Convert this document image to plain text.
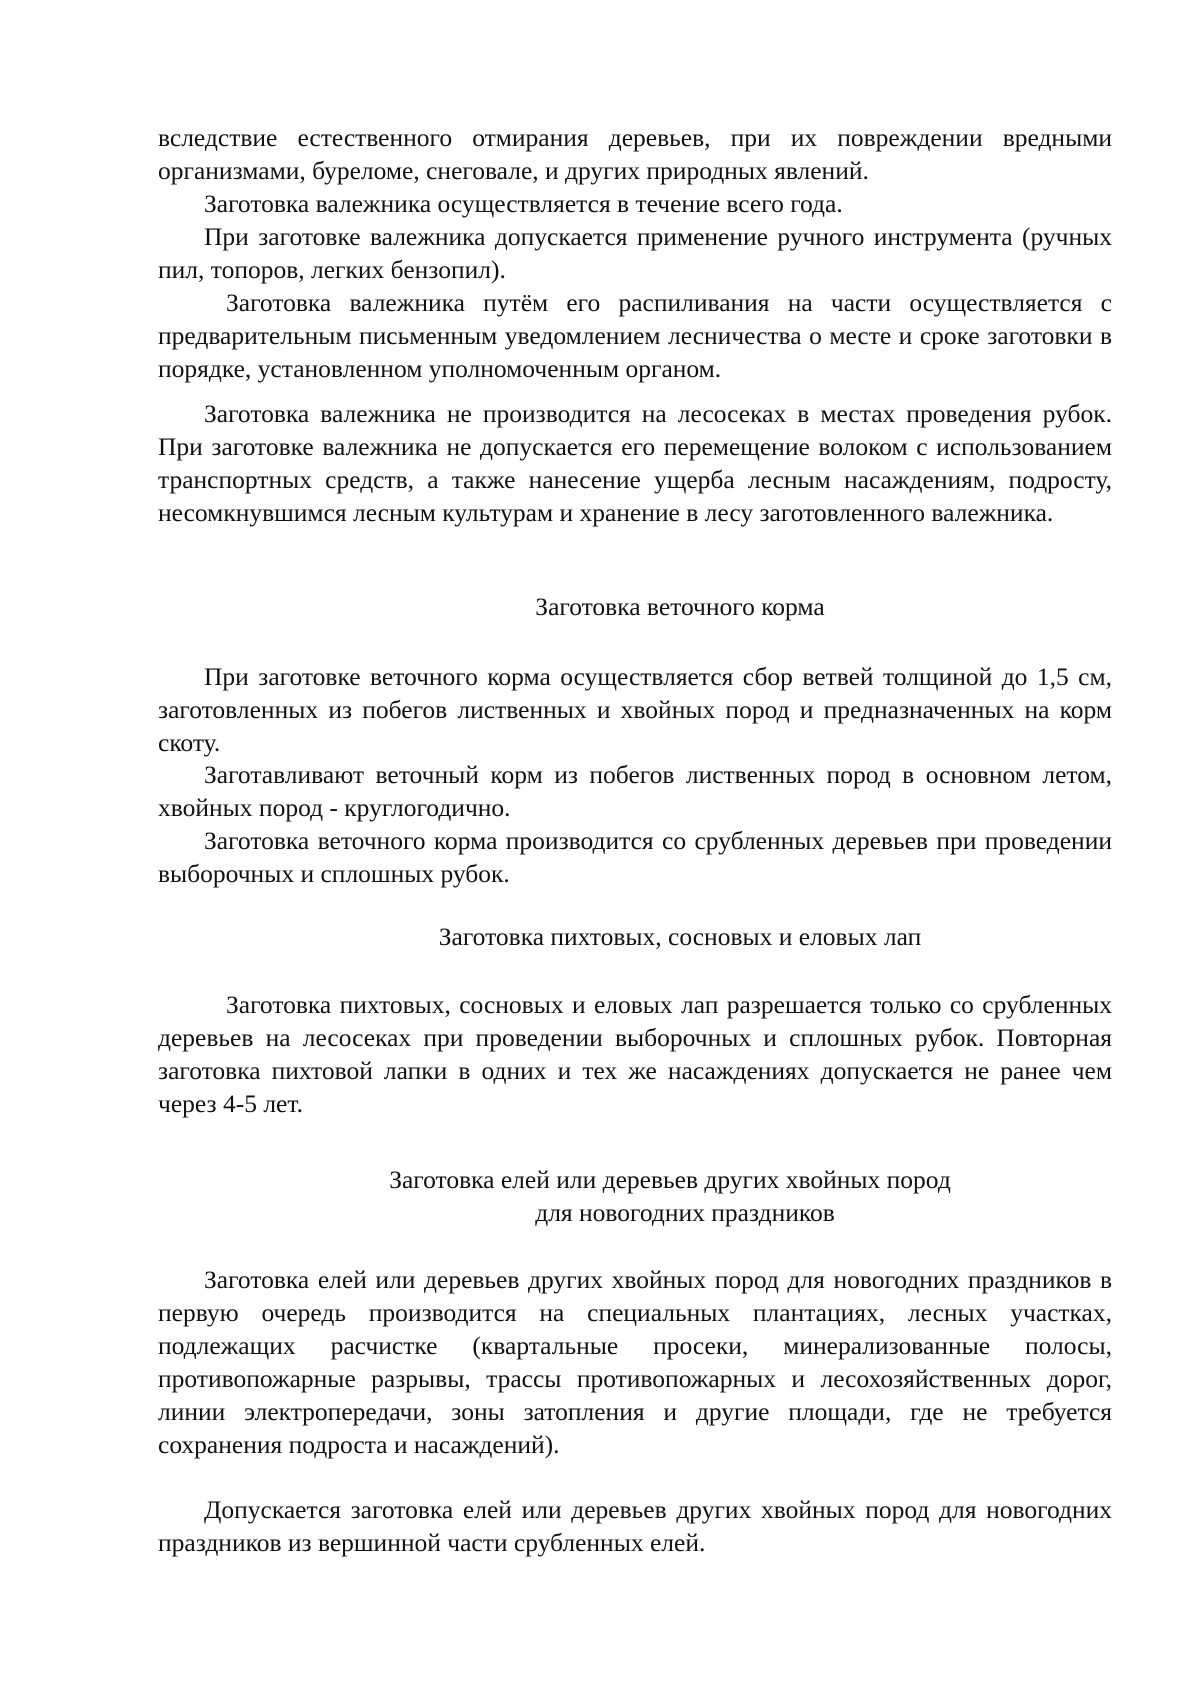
вследствие естественного отмирания деревьев, при их повреждении вредными организмами, буреломе, снеговале, и других природных явлений.

Заготовка валежника осуществляется в течение всего года.

При заготовке валежника допускается применение ручного инструмента (ручных пил, топоров, легких бензопил).

Заготовка валежника путём его распиливания на части осуществляется с предварительным письменным уведомлением лесничества о месте и сроке заготовки в порядке, установленном уполномоченным органом.

Заготовка валежника не производится на лесосеках в местах проведения рубок. При заготовке валежника не допускается его перемещение волоком с использованием транспортных средств, а также нанесение ущерба лесным насаждениям, подросту, несомкнувшимся лесным культурам и хранение в лесу заготовленного валежника.

Заготовка веточного корма

При заготовке веточного корма осуществляется сбор ветвей толщиной до 1,5 см, заготовленных из побегов лиственных и хвойных пород и предназначенных на корм скоту.

Заготавливают веточный корм из побегов лиственных пород в основном летом, хвойных пород - круглогодично.

Заготовка веточного корма производится со срубленных деревьев при проведении выборочных и сплошных рубок.

Заготовка пихтовых, сосновых и еловых лап

Заготовка пихтовых, сосновых и еловых лап разрешается только со срубленных деревьев на лесосеках при проведении выборочных и сплошных рубок. Повторная заготовка пихтовой лапки в одних и тех же насаждениях допускается не ранее чем через 4-5 лет.

Заготовка елей или деревьев других хвойных пород

для новогодних праздников

Заготовка елей или деревьев других хвойных пород для новогодних праздников в первую очередь производится на специальных плантациях, лесных участках, подлежащих расчистке (квартальные просеки, минерализованные полосы, противопожарные разрывы, трассы противопожарных и лесохозяйственных дорог, линии электропередачи, зоны затопления и другие площади, где не требуется сохранения подроста и насаждений).

Допускается заготовка елей или деревьев других хвойных пород для новогодних праздников из вершинной части срубленных елей.
